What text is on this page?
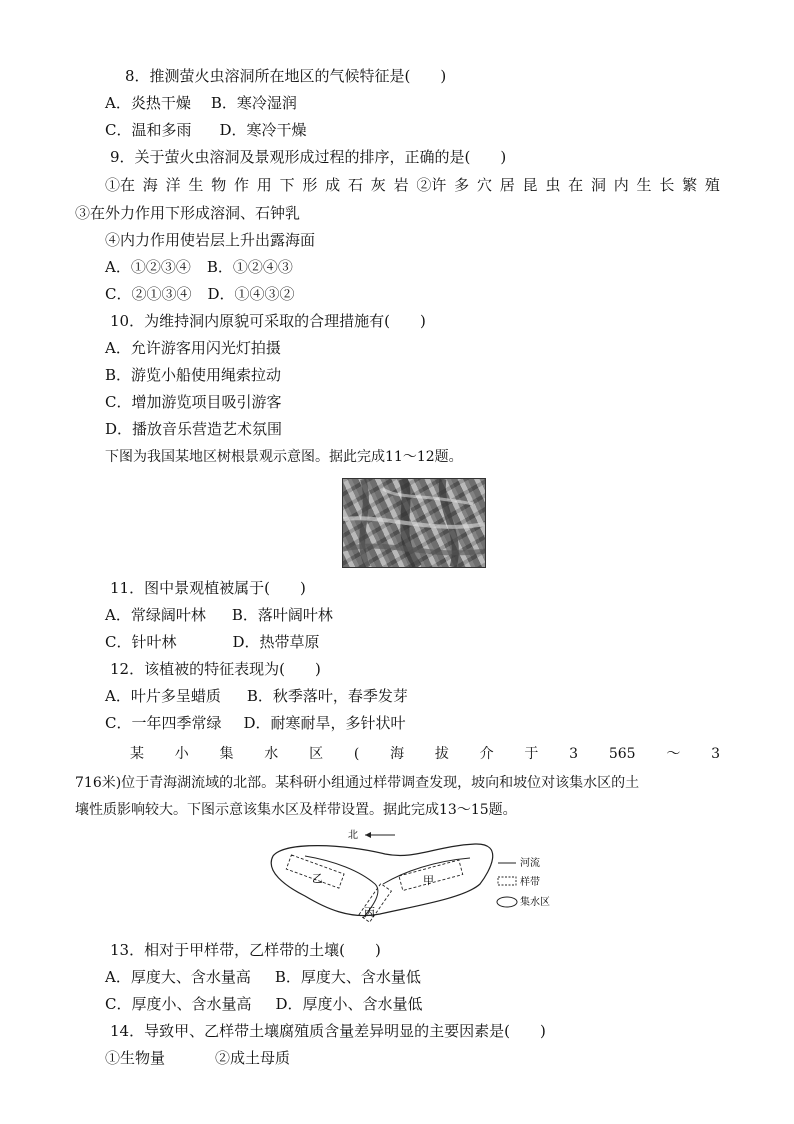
8．推测萤火虫溶洞所在地区的气候特征是(　　)
A．炎热干燥 B．寒冷湿润
C．温和多雨 D．寒冷干燥
9．关于萤火虫溶洞及景观形成过程的排序，正确的是(　　)
①在 海 洋 生 物 作 用 下 形 成 石 灰 岩 ②许 多 穴 居 昆 虫 在 洞 内 生 长 繁 殖
③在外力作用下形成溶洞、石钟乳
④内力作用使岩层上升出露海面
A．①②③④ B．①②④③
C．②①③④ D．①④③②
10．为维持洞内原貌可采取的合理措施有(　　)
A．允许游客用闪光灯拍摄
B．游览小船使用绳索拉动
C．增加游览项目吸引游客
D．播放音乐营造艺术氛围
下图为我国某地区树根景观示意图。据此完成11～12题。
11．图中景观植被属于(　　)
A．常绿阔叶林 B．落叶阔叶林
C．针叶林	D．热带草原
12．该植被的特征表现为(　　)
A．叶片多呈蜡质 B．秋季落叶，春季发芽
C．一年四季常绿 D．耐寒耐旱，多针状叶
某 小 集 水 区 ( 海 拔 介 于 3 565 ～ 3
716米)位于青海湖流域的北部。某科研小组通过样带调查发现，坡向和坡位对该集水区的土
壤性质影响较大。下图示意该集水区及样带设置。据此完成13～15题。
北
乙	甲
丙
河流
样带
集水区
13．相对于甲样带，乙样带的土壤(　　)
A．厚度大、含水量高 B．厚度大、含水量低
C．厚度小、含水量高 D．厚度小、含水量低
14．导致甲、乙样带土壤腐殖质含量差异明显的主要因素是(　　)
①生物量	②成土母质
